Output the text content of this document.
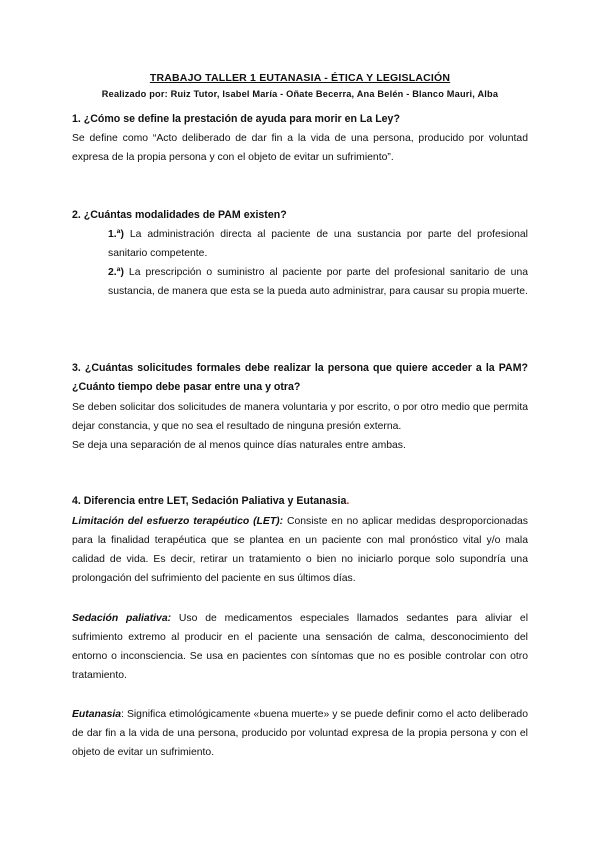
TRABAJO TALLER 1 EUTANASIA - ÉTICA Y LEGISLACIÓN
Realizado por: Ruiz Tutor, Isabel María - Oñate Becerra, Ana Belén - Blanco Mauri, Alba
1. ¿Cómo se define la prestación de ayuda para morir en La Ley?
Se define como “Acto deliberado de dar fin a la vida de una persona, producido por voluntad expresa de la propia persona y con el objeto de evitar un sufrimiento”.
2. ¿Cuántas modalidades de PAM existen?
1.ª) La administración directa al paciente de una sustancia por parte del profesional sanitario competente.
2.ª) La prescripción o suministro al paciente por parte del profesional sanitario de una sustancia, de manera que esta se la pueda auto administrar, para causar su propia muerte.
3. ¿Cuántas solicitudes formales debe realizar la persona que quiere acceder a la PAM? ¿Cuánto tiempo debe pasar entre una y otra?
Se deben solicitar dos solicitudes de manera voluntaria y por escrito, o por otro medio que permita dejar constancia, y que no sea el resultado de ninguna presión externa.
Se deja una separación de al menos quince días naturales entre ambas.
4. Diferencia entre LET, Sedación Paliativa y Eutanasia.
Limitación del esfuerzo terapéutico (LET): Consiste en no aplicar medidas desproporcionadas para la finalidad terapéutica que se plantea en un paciente con mal pronóstico vital y/o mala calidad de vida. Es decir, retirar un tratamiento o bien no iniciarlo porque solo supondría una prolongación del sufrimiento del paciente en sus últimos días.
Sedación paliativa: Uso de medicamentos especiales llamados sedantes para aliviar el sufrimiento extremo al producir en el paciente una sensación de calma, desconocimiento del entorno o inconsciencia. Se usa en pacientes con síntomas que no es posible controlar con otro tratamiento.
Eutanasia: Significa etimológicamente «buena muerte» y se puede definir como el acto deliberado de dar fin a la vida de una persona, producido por voluntad expresa de la propia persona y con el objeto de evitar un sufrimiento.
